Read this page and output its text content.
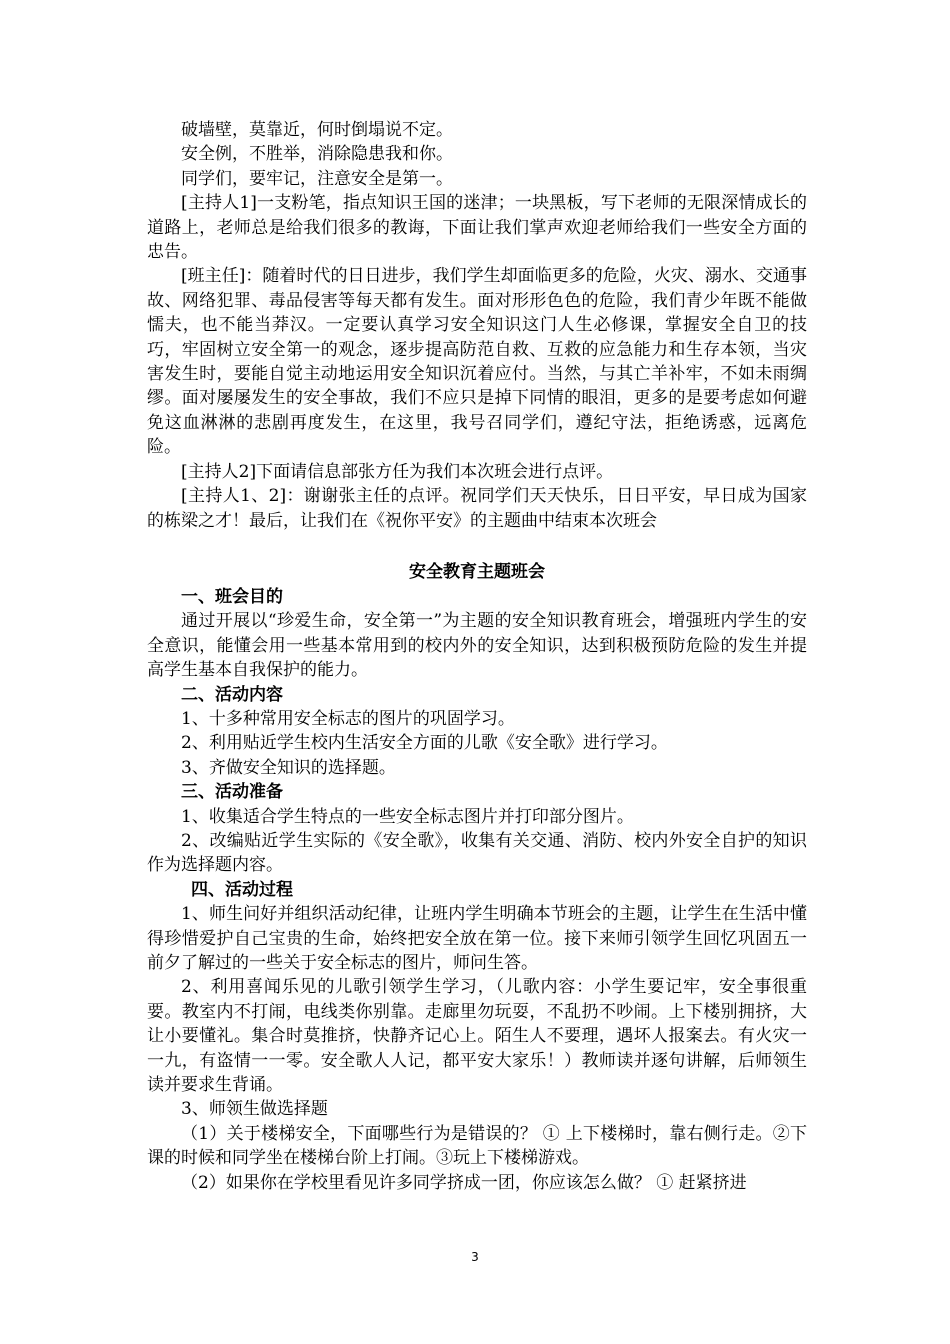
破墙壁，莫靠近，何时倒塌说不定。

安全例，不胜举，消除隐患我和你。

同学们，要牢记，注意安全是第一。

[主持人1]一支粉笔，指点知识王国的迷津；一块黑板，写下老师的无限深情成长的道路上，老师总是给我们很多的教诲，下面让我们掌声欢迎老师给我们一些安全方面的忠告。

[班主任]：随着时代的日日进步，我们学生却面临更多的危险，火灾、溺水、交通事故、网络犯罪、毒品侵害等每天都有发生。面对形形色色的危险，我们青少年既不能做懦夫，也不能当莽汉。一定要认真学习安全知识这门人生必修课，掌握安全自卫的技巧，牢固树立安全第一的观念，逐步提高防范自救、互救的应急能力和生存本领，当灾害发生时，要能自觉主动地运用安全知识沉着应付。当然，与其亡羊补牢，不如未雨绸缪。面对屡屡发生的安全事故，我们不应只是掉下同情的眼泪，更多的是要考虑如何避免这血淋淋的悲剧再度发生，在这里，我号召同学们，遵纪守法，拒绝诱惑，远离危险。

[主持人2]下面请信息部张方任为我们本次班会进行点评。

[主持人1、2]：谢谢张主任的点评。祝同学们天天快乐，日日平安，早日成为国家的栋梁之才！最后，让我们在《祝你平安》的主题曲中结束本次班会

安全教育主题班会

一、班会目的

通过开展以“珍爱生命，安全第一”为主题的安全知识教育班会，增强班内学生的安全意识，能懂会用一些基本常用到的校内外的安全知识，达到积极预防危险的发生并提高学生基本自我保护的能力。

二、活动内容

1、十多种常用安全标志的图片的巩固学习。

2、利用贴近学生校内生活安全方面的儿歌《安全歌》进行学习。

3、齐做安全知识的选择题。

三、活动准备

1、收集适合学生特点的一些安全标志图片并打印部分图片。

2、改编贴近学生实际的《安全歌》，收集有关交通、消防、校内外安全自护的知识作为选择题内容。

四、活动过程

1、师生问好并组织活动纪律，让班内学生明确本节班会的主题，让学生在生活中懂得珍惜爱护自己宝贵的生命，始终把安全放在第一位。接下来师引领学生回忆巩固五一前夕了解过的一些关于安全标志的图片，师问生答。

2、利用喜闻乐见的儿歌引领学生学习，（儿歌内容：小学生要记牢，安全事很重要。教室内不打闹，电线类你别靠。走廊里勿玩耍，不乱扔不吵闹。上下楼别拥挤，大让小要懂礼。集合时莫推挤，快静齐记心上。陌生人不要理，遇坏人报案去。有火灾一一九，有盗情一一零。安全歌人人记，都平安大家乐！）教师读并逐句讲解，后师领生读并要求生背诵。

3、师领生做选择题

（1）关于楼梯安全，下面哪些行为是错误的？ ① 上下楼梯时，靠右侧行走。②下课的时候和同学坐在楼梯台阶上打闹。③玩上下楼梯游戏。

（2）如果你在学校里看见许多同学挤成一团，你应该怎么做？ ① 赶紧挤进

3
